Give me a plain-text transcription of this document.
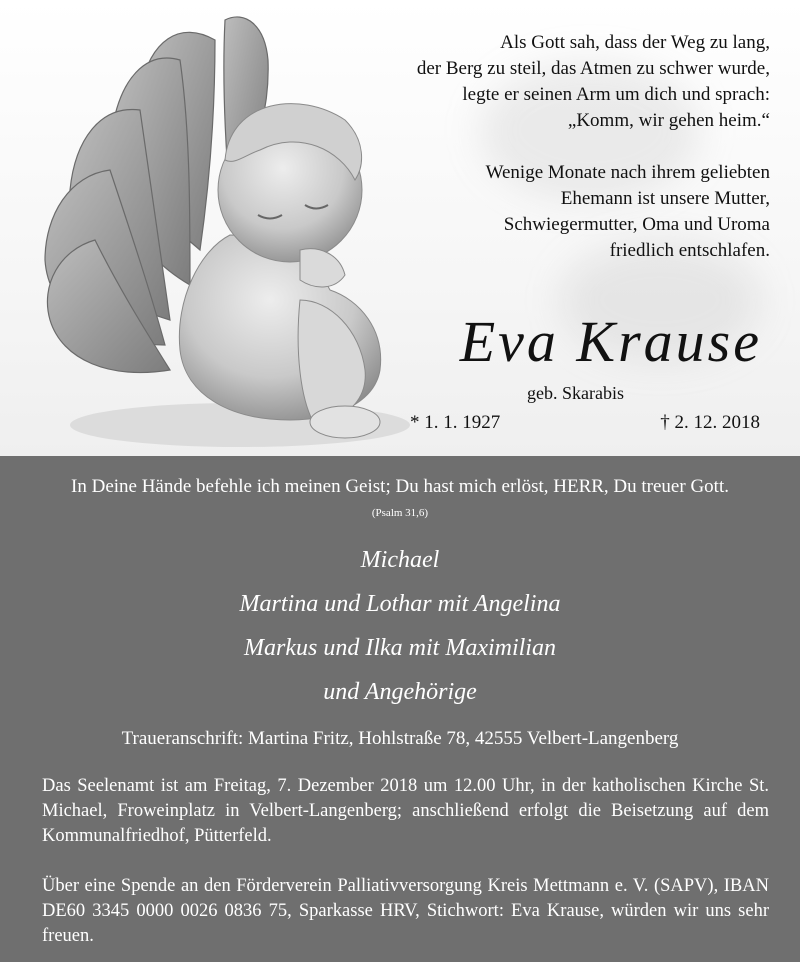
Als Gott sah, dass der Weg zu lang,

der Berg zu steil, das Atmen zu schwer wurde,

legte er seinen Arm um dich und sprach:

„Komm, wir gehen heim.“

Wenige Monate nach ihrem geliebten

Ehemann ist unsere Mutter,

Schwiegermutter, Oma und Uroma

friedlich entschlafen.

Eva Krause
geb. Skarabis
* 1. 1. 1927	† 2. 12. 2018
In Deine Hände befehle ich meinen Geist; Du hast mich erlöst, HERR, Du treuer Gott.
(Psalm 31,6)
Michael
Martina und Lothar mit Angelina
Markus und Ilka mit Maximilian
und Angehörige
Traueranschrift: Martina Fritz, Hohlstraße 78, 42555 Velbert-Langenberg
Das Seelenamt ist am Freitag, 7. Dezember 2018 um 12.00 Uhr, in der katholischen Kirche St. Michael, Froweinplatz in Velbert-Langenberg; anschließend erfolgt die Beisetzung auf dem Kommunalfriedhof, Pütterfeld.
Über eine Spende an den Förderverein Palliativversorgung Kreis Mettmann e. V. (SAPV), IBAN DE60 3345 0000 0026 0836 75, Sparkasse HRV, Stichwort: Eva Krause, würden wir uns sehr freuen.
